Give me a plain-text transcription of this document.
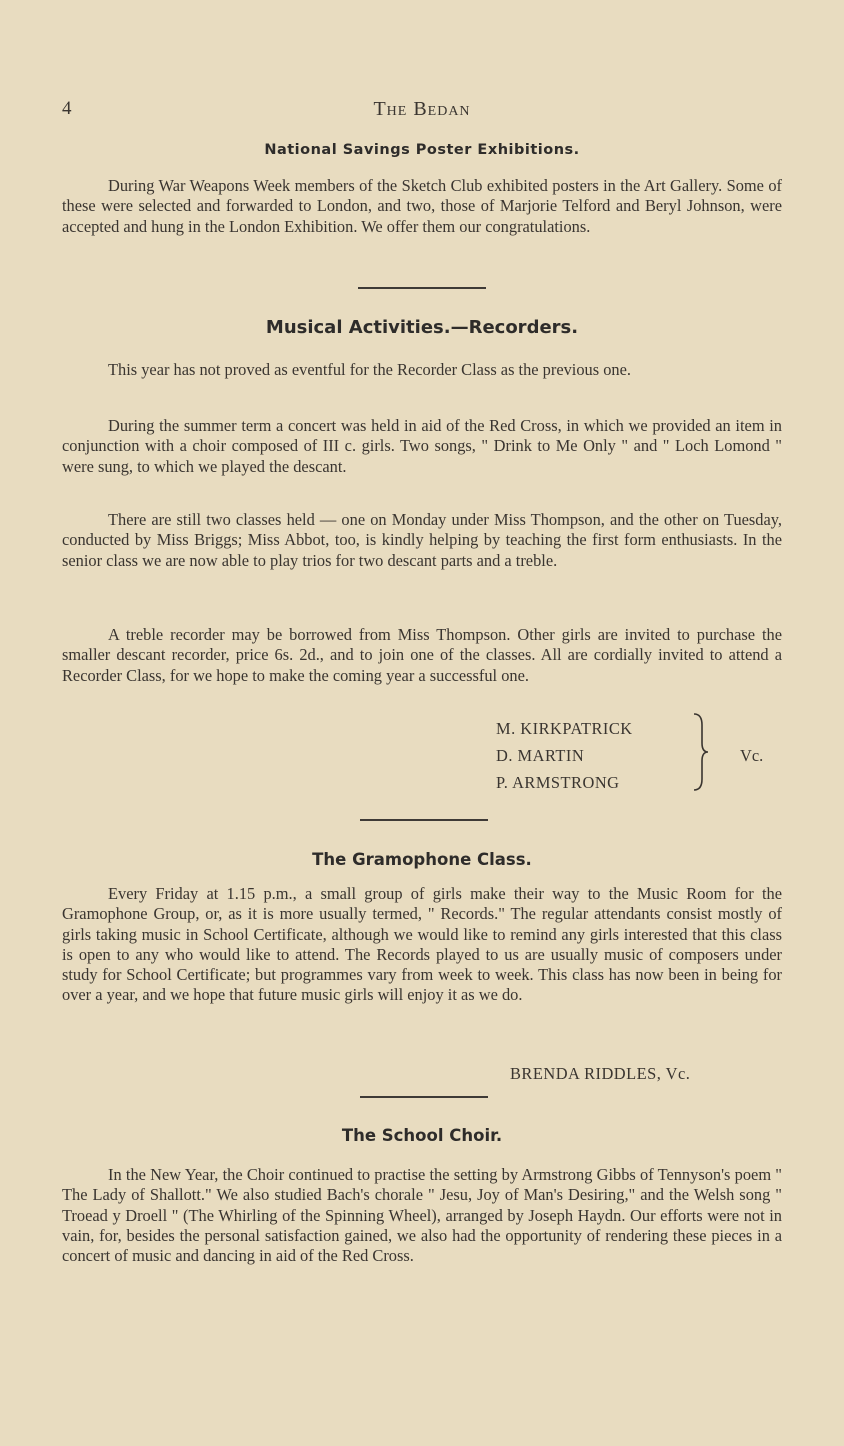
4	The Bedan
National Savings Poster Exhibitions.

During War Weapons Week members of the Sketch Club exhibited posters in the Art Gallery. Some of these were selected and forwarded to London, and two, those of Marjorie Telford and Beryl Johnson, were accepted and hung in the London Exhibition. We offer them our congratulations.

Musical Activities.—Recorders.

This year has not proved as eventful for the Recorder Class as the previous one.

During the summer term a concert was held in aid of the Red Cross, in which we provided an item in conjunction with a choir composed of III c. girls. Two songs, " Drink to Me Only " and " Loch Lomond " were sung, to which we played the descant.

There are still two classes held — one on Monday under Miss Thompson, and the other on Tuesday, conducted by Miss Briggs; Miss Abbot, too, is kindly helping by teaching the first form enthusiasts. In the senior class we are now able to play trios for two descant parts and a treble.

A treble recorder may be borrowed from Miss Thompson. Other girls are invited to purchase the smaller descant recorder, price 6s. 2d., and to join one of the classes. All are cordially invited to attend a Recorder Class, for we hope to make the coming year a successful one.

M. KIRKPATRICK
D. MARTIN
P. ARMSTRONG
Vc.
The Gramophone Class.

Every Friday at 1.15 p.m., a small group of girls make their way to the Music Room for the Gramophone Group, or, as it is more usually termed, " Records." The regular attendants consist mostly of girls taking music in School Certificate, although we would like to remind any girls interested that this class is open to any who would like to attend. The Records played to us are usually music of composers under study for School Certificate; but programmes vary from week to week. This class has now been in being for over a year, and we hope that future music girls will enjoy it as we do.

BRENDA RIDDLES, Vc.
The School Choir.

In the New Year, the Choir continued to practise the setting by Armstrong Gibbs of Tennyson's poem " The Lady of Shallott." We also studied Bach's chorale " Jesu, Joy of Man's Desiring," and the Welsh song " Troead y Droell " (The Whirling of the Spinning Wheel), arranged by Joseph Haydn. Our efforts were not in vain, for, besides the personal satisfaction gained, we also had the opportunity of rendering these pieces in a concert of music and dancing in aid of the Red Cross.
